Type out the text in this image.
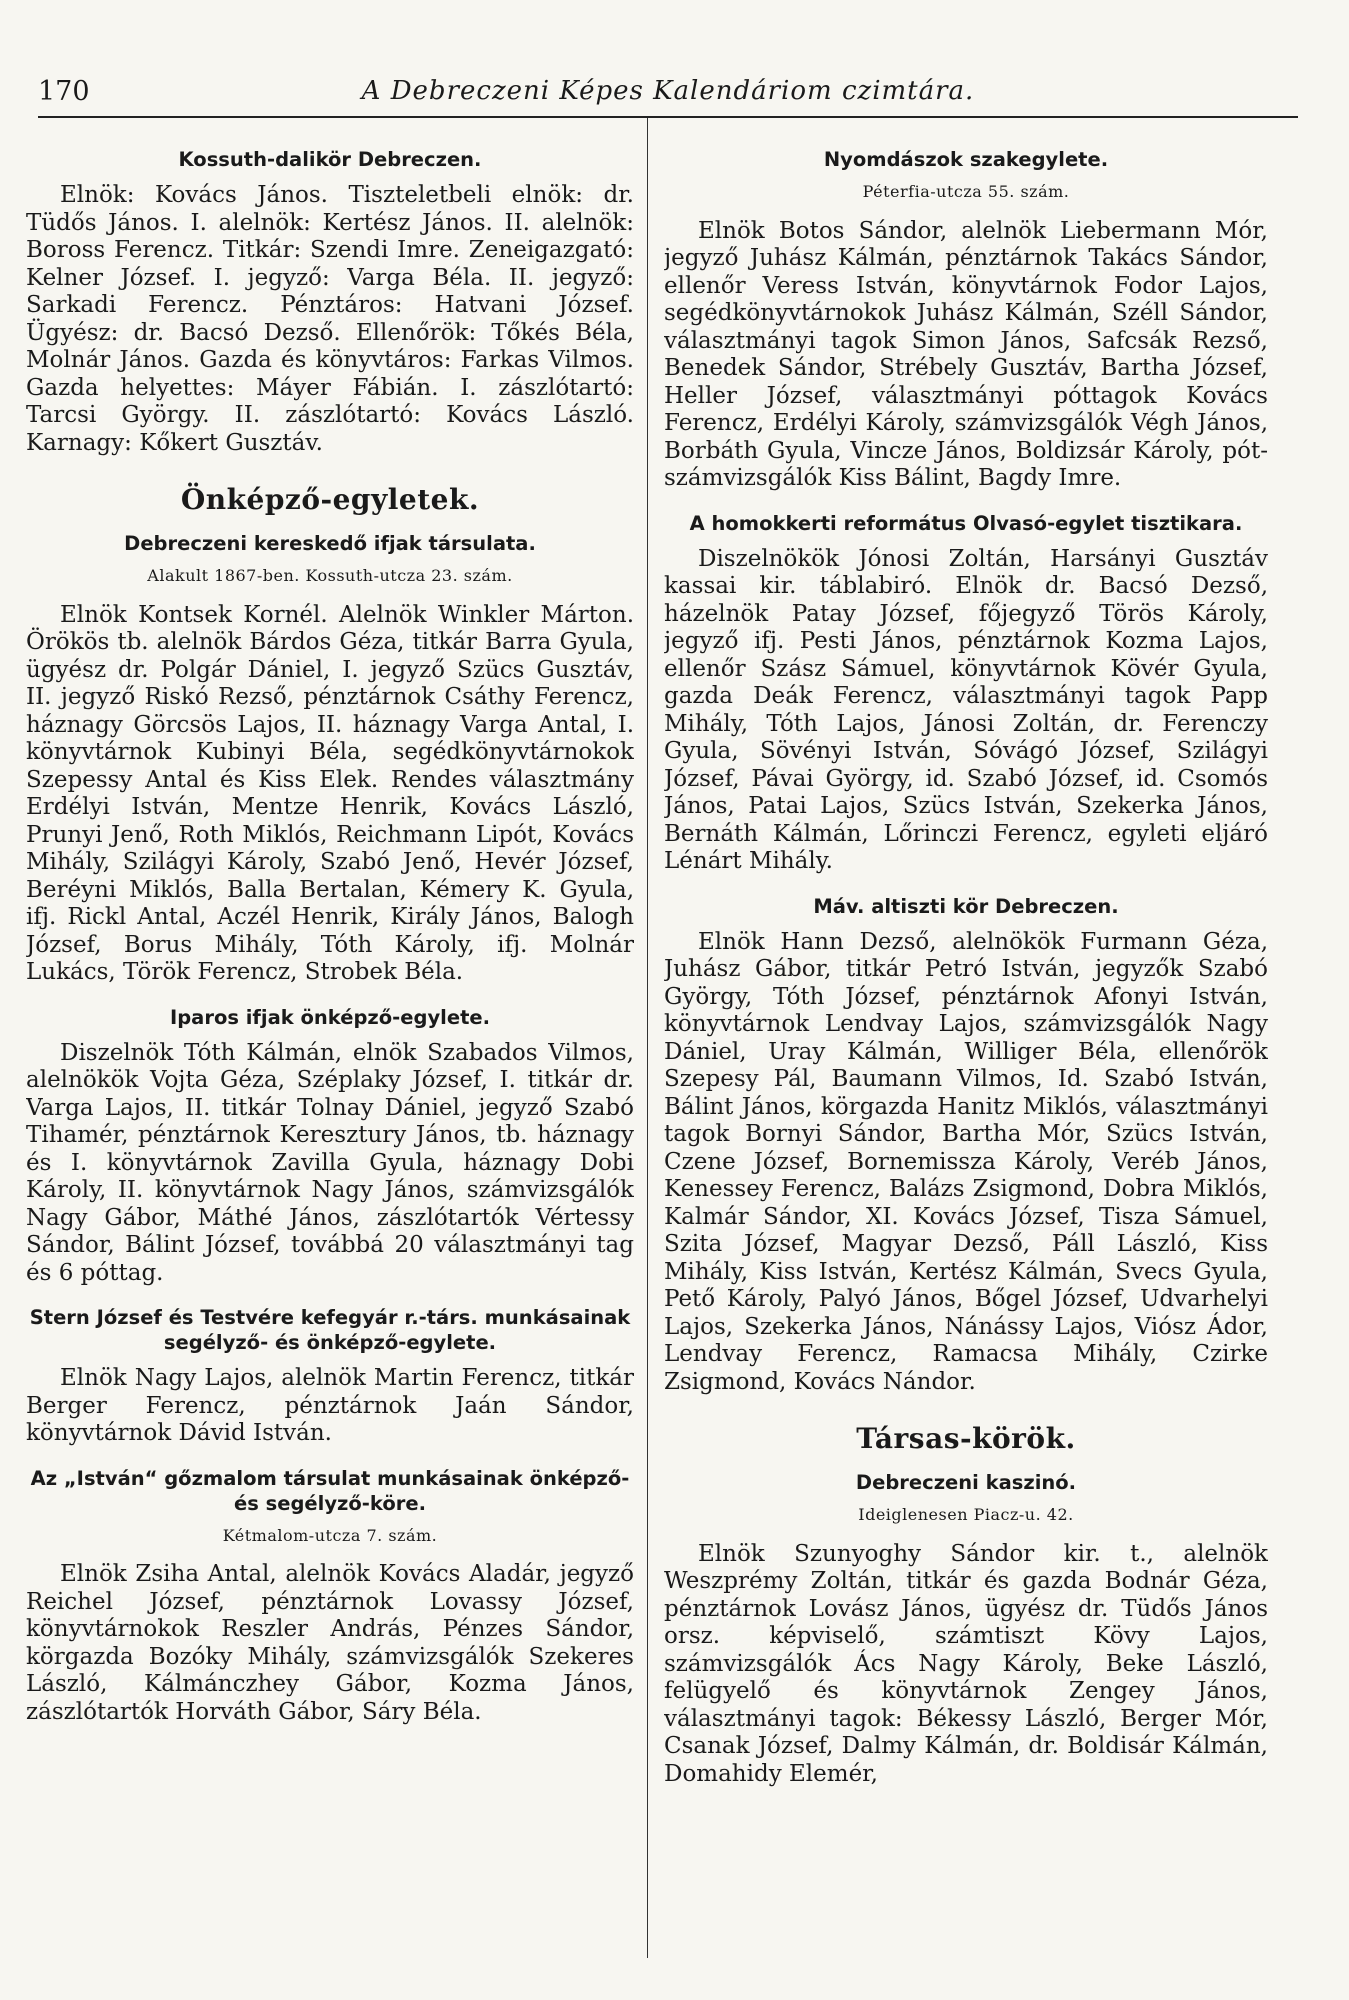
170	A Debreczeni Képes Kalendáriom czimtára.
Kossuth-dalikör Debreczen.

Elnök: Kovács János. Tiszteletbeli elnök: dr. Tüdős János. I. alelnök: Kertész János. II. alelnök: Boross Ferencz. Titkár: Szendi Imre. Zeneigazgató: Kelner József. I. jegyző: Varga Béla. II. jegyző: Sarkadi Ferencz. Pénztáros: Hatvani József. Ügyész: dr. Bacsó Dezső. Ellenőrök: Tőkés Béla, Molnár János. Gazda és könyvtáros: Farkas Vilmos. Gazda helyettes: Máyer Fábián. I. zászlótartó: Tarcsi György. II. zászlótartó: Kovács László. Karnagy: Kőkert Gusztáv.

Önképző-egyletek.
Debreczeni kereskedő ifjak társulata.
Alakult 1867-ben. Kossuth-utcza 23. szám.

Elnök Kontsek Kornél. Alelnök Winkler Márton. Örökös tb. alelnök Bárdos Géza, titkár Barra Gyula, ügyész dr. Polgár Dániel, I. jegyző Szücs Gusztáv, II. jegyző Riskó Rezső, pénztárnok Csáthy Ferencz, háznagy Görcsös Lajos, II. háznagy Varga Antal, I. könyvtárnok Kubinyi Béla, segédkönyvtárnokok Szepessy Antal és Kiss Elek. Rendes választmány Erdélyi István, Mentze Henrik, Kovács László, Prunyi Jenő, Roth Miklós, Reichmann Lipót, Kovács Mihály, Szilágyi Károly, Szabó Jenő, Hevér József, Beréyni Miklós, Balla Bertalan, Kémery K. Gyula, ifj. Rickl Antal, Aczél Henrik, Király János, Balogh József, Borus Mihály, Tóth Károly, ifj. Molnár Lukács, Török Ferencz, Strobek Béla.

Iparos ifjak önképző-egylete.

Diszelnök Tóth Kálmán, elnök Szabados Vilmos, alelnökök Vojta Géza, Széplaky József, I. titkár dr. Varga Lajos, II. titkár Tolnay Dániel, jegyző Szabó Tihamér, pénztárnok Keresztury János, tb. háznagy és I. könyvtárnok Zavilla Gyula, háznagy Dobi Károly, II. könyvtárnok Nagy János, számvizsgálók Nagy Gábor, Máthé János, zászlótartók Vértessy Sándor, Bálint József, továbbá 20 választmányi tag és 6 póttag.

Stern József és Testvére kefegyár r.-társ. munkásainak segélyző- és önképző-egylete.

Elnök Nagy Lajos, alelnök Martin Ferencz, titkár Berger Ferencz, pénztárnok Jaán Sándor, könyvtárnok Dávid István.

Az „István“ gőzmalom társulat munkásainak önképző- és segélyző-köre.
Kétmalom-utcza 7. szám.

Elnök Zsiha Antal, alelnök Kovács Aladár, jegyző Reichel József, pénztárnok Lovassy József, könyvtárnokok Reszler András, Pénzes Sándor, körgazda Bozóky Mihály, számvizsgálók Szekeres László, Kálmánczhey Gábor, Kozma János, zászlótartók Horváth Gábor, Sáry Béla.

Nyomdászok szakegylete.
Péterfia-utcza 55. szám.

Elnök Botos Sándor, alelnök Liebermann Mór, jegyző Juhász Kálmán, pénztárnok Takács Sándor, ellenőr Veress István, könyvtárnok Fodor Lajos, segédkönyvtárnokok Juhász Kálmán, Széll Sándor, választmányi tagok Simon János, Safcsák Rezső, Benedek Sándor, Strébely Gusztáv, Bartha József, Heller József, választmányi póttagok Kovács Ferencz, Erdélyi Károly, számvizsgálók Végh János, Borbáth Gyula, Vincze János, Boldizsár Károly, pót-számvizsgálók Kiss Bálint, Bagdy Imre.

A homokkerti református Olvasó-egylet tisztikara.

Diszelnökök Jónosi Zoltán, Harsányi Gusztáv kassai kir. táblabiró. Elnök dr. Bacsó Dezső, házelnök Patay József, főjegyző Törös Károly, jegyző ifj. Pesti János, pénztárnok Kozma Lajos, ellenőr Szász Sámuel, könyvtárnok Kövér Gyula, gazda Deák Ferencz, választmányi tagok Papp Mihály, Tóth Lajos, Jánosi Zoltán, dr. Ferenczy Gyula, Sövényi István, Sóvágó József, Szilágyi József, Pávai György, id. Szabó József, id. Csomós János, Patai Lajos, Szücs István, Szekerka János, Bernáth Kálmán, Lőrinczi Ferencz, egyleti eljáró Lénárt Mihály.

Máv. altiszti kör Debreczen.

Elnök Hann Dezső, alelnökök Furmann Géza, Juhász Gábor, titkár Petró István, jegyzők Szabó György, Tóth József, pénztárnok Afonyi István, könyvtárnok Lendvay Lajos, számvizsgálók Nagy Dániel, Uray Kálmán, Williger Béla, ellenőrök Szepesy Pál, Baumann Vilmos, Id. Szabó István, Bálint János, körgazda Hanitz Miklós, választmányi tagok Bornyi Sándor, Bartha Mór, Szücs István, Czene József, Bornemissza Károly, Veréb János, Kenessey Ferencz, Balázs Zsigmond, Dobra Miklós, Kalmár Sándor, XI. Kovács József, Tisza Sámuel, Szita József, Magyar Dezső, Páll László, Kiss Mihály, Kiss István, Kertész Kálmán, Svecs Gyula, Pető Károly, Palyó János, Bőgel József, Udvarhelyi Lajos, Szekerka János, Nánássy Lajos, Viósz Ádor, Lendvay Ferencz, Ramacsa Mihály, Czirke Zsigmond, Kovács Nándor.

Társas-körök.
Debreczeni kaszinó.
Ideiglenesen Piacz-u. 42.

Elnök Szunyoghy Sándor kir. t., alelnök Weszprémy Zoltán, titkár és gazda Bodnár Géza, pénztárnok Lovász János, ügyész dr. Tüdős János orsz. képviselő, számtiszt Kövy Lajos, számvizsgálók Ács Nagy Károly, Beke László, felügyelő és könyvtárnok Zengey János, választmányi tagok: Békessy László, Berger Mór, Csanak József, Dalmy Kálmán, dr. Boldisár Kálmán, Domahidy Elemér,
